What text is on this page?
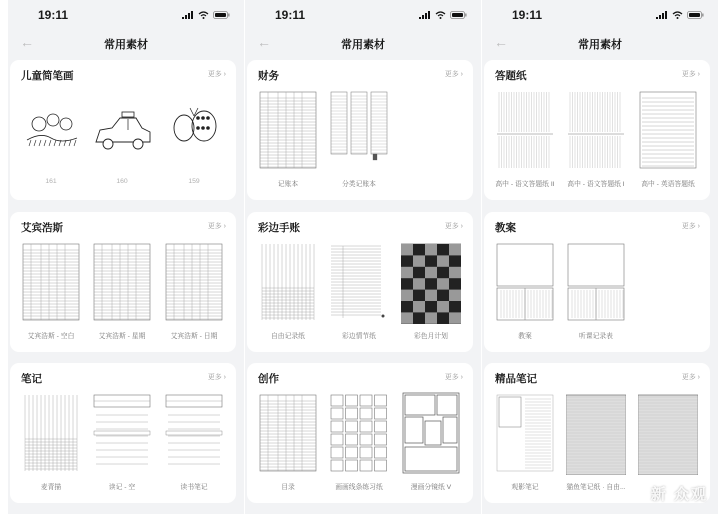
19:11
←	常用素材
儿童简笔画	更多 ›
161	160	159
艾宾浩斯	更多 ›
艾宾浩斯 - 空白	艾宾浩斯 - 星期	艾宾浩斯 - 日期
笔记	更多 ›
麦青描	读记 - 空	读书笔记
19:11
←	常用素材
财务	更多 ›
记账本	分类记账本
彩边手账	更多 ›
自由记录纸	彩边情节纸	彩色月计划
创作	更多 ›
目录	画画线条练习纸	漫画分镜纸 V
19:11
←	常用素材
答题纸	更多 ›
高中 - 语文答题纸 II 高中 - 语文答题纸 I 高中 - 英语答题纸
教案	更多 ›
教案	听课记录表
精品笔记	更多 ›
观影笔记	猫鱼笔记纸 · 自由... 新 众观
